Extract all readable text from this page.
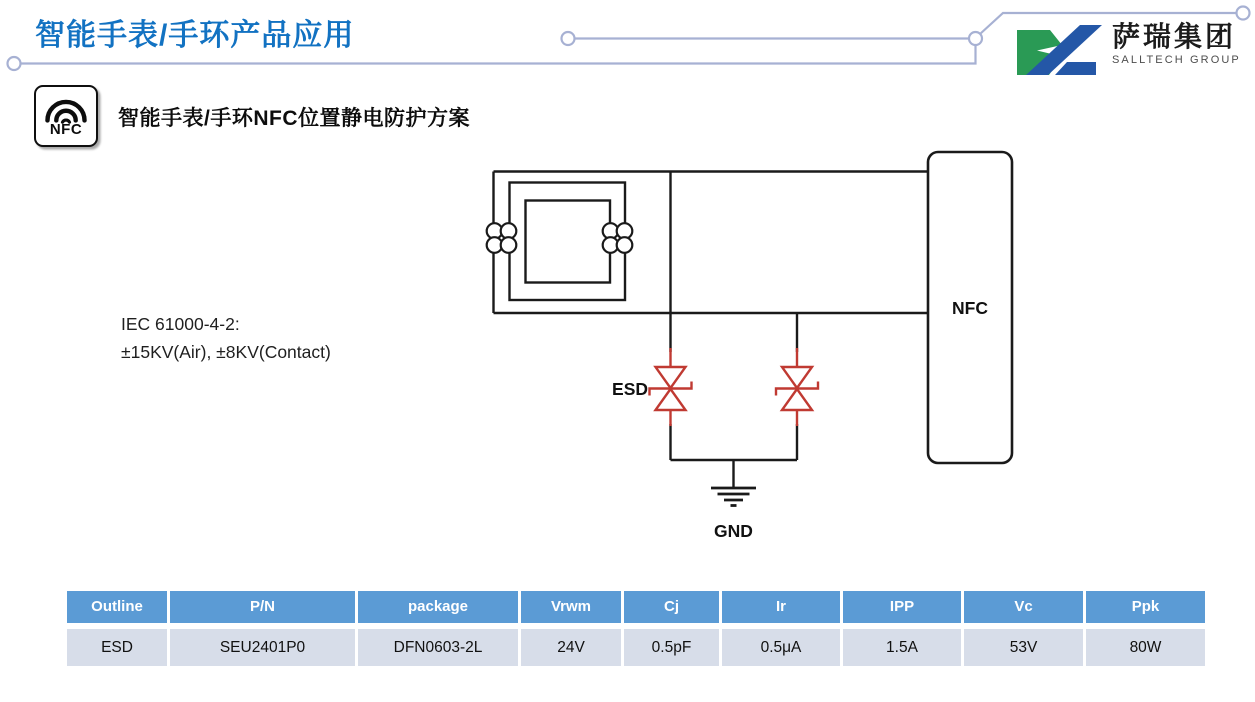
ESD
NFC
GND
智能手表/手环产品应用	萨瑞集团
SALLTECH GROUP
NFC 智能手表/手环NFC位置静电防护方案
IEC 61000-4-2:
±15KV(Air), ±8KV(Contact)
Outline	P/N	package	Vrwm	Cj	Ir	IPP	Vc	Ppk
ESD	SEU2401P0	DFN0603-2L	24V	0.5pF	0.5μA	1.5A	53V	80W
